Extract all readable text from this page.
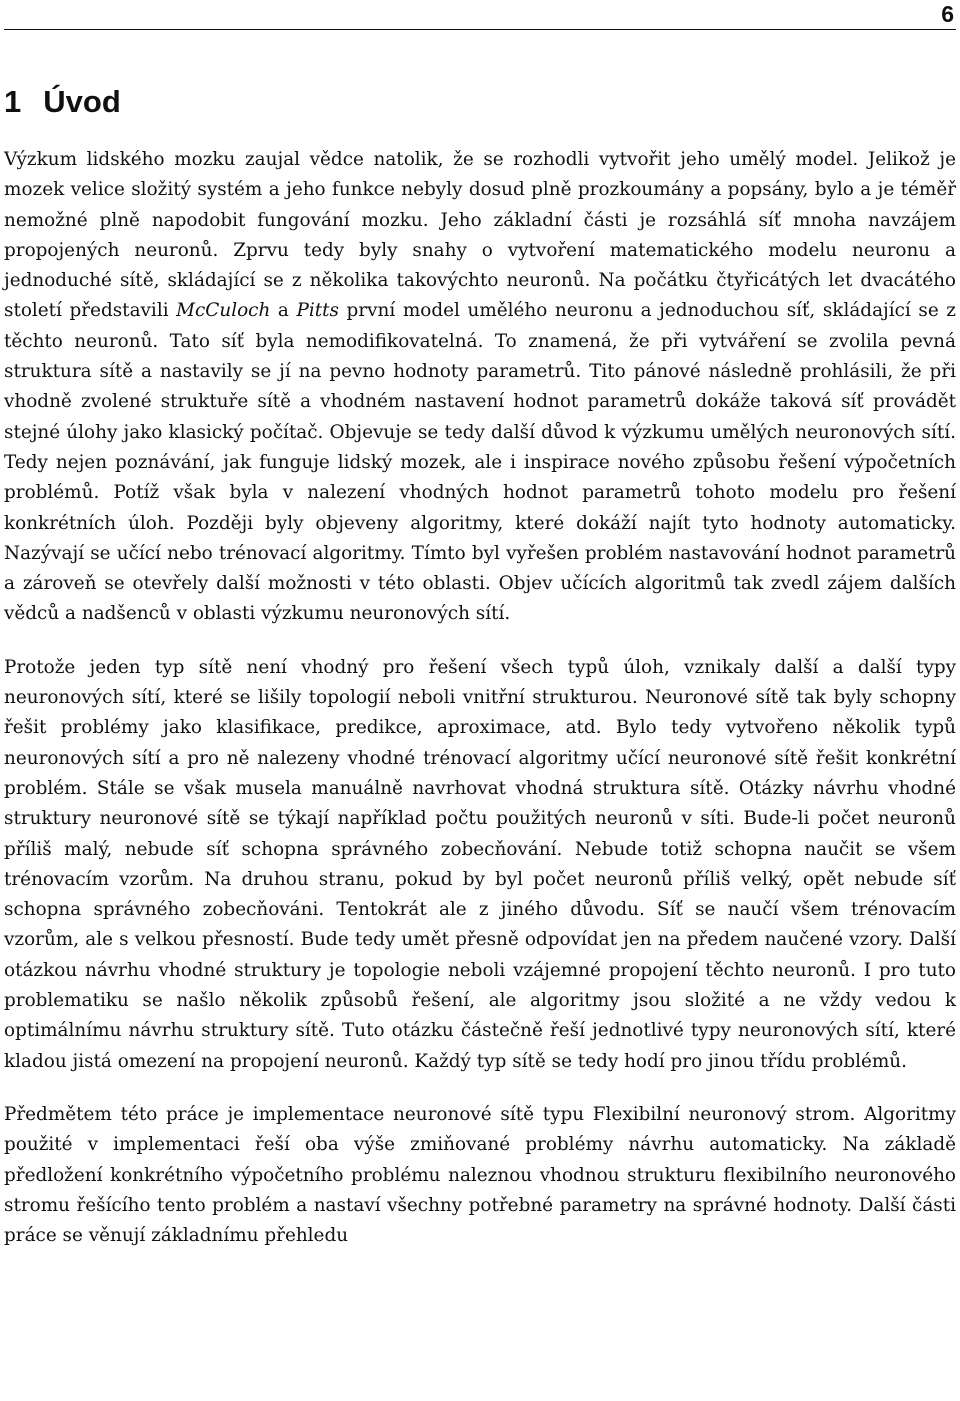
6
1 Úvod

Výzkum lidského mozku zaujal vědce natolik, že se rozhodli vytvořit jeho umělý model. Jelikož je mozek velice složitý systém a jeho funkce nebyly dosud plně prozkoumány a popsány, bylo a je téměř nemožné plně napodobit fungování mozku. Jeho základní části je rozsáhlá síť mnoha navzájem propojených neuronů. Zprvu tedy byly snahy o vytvoření matematického modelu neuronu a jednoduché sítě, skládající se z několika takovýchto neuronů. Na počátku čtyřicátých let dvacátého století představili McCuloch a Pitts první model umělého neuronu a jednoduchou síť, skládající se z těchto neuronů. Tato síť byla nemodifikovatelná. To znamená, že při vytváření se zvolila pevná struktura sítě a nastavily se jí na pevno hodnoty parametrů. Tito pánové následně prohlásili, že při vhodně zvolené struktuře sítě a vhodném nastavení hodnot parametrů dokáže taková síť provádět stejné úlohy jako klasický počítač. Objevuje se tedy další důvod k výzkumu umělých neuronových sítí. Tedy nejen poznávání, jak funguje lidský mozek, ale i inspirace nového způsobu řešení výpočetních problémů. Potíž však byla v nalezení vhodných hodnot parametrů tohoto modelu pro řešení konkrétních úloh. Později byly objeveny algoritmy, které dokáží najít tyto hodnoty automaticky. Nazývají se učící nebo trénovací algoritmy. Tímto byl vyřešen problém nastavování hodnot parametrů a zároveň se otevřely další možnosti v této oblasti. Objev učících algoritmů tak zvedl zájem dalších vědců a nadšenců v oblasti výzkumu neuronových sítí.

Protože jeden typ sítě není vhodný pro řešení všech typů úloh, vznikaly další a další typy neuronových sítí, které se lišily topologií neboli vnitřní strukturou. Neuronové sítě tak byly schopny řešit problémy jako klasifikace, predikce, aproximace, atd. Bylo tedy vytvořeno několik typů neuronových sítí a pro ně nalezeny vhodné trénovací algoritmy učící neuronové sítě řešit konkrétní problém. Stále se však musela manuálně navrhovat vhodná struktura sítě. Otázky návrhu vhodné struktury neuronové sítě se týkají například počtu použitých neuronů v síti. Bude-li počet neuronů příliš malý, nebude síť schopna správného zobecňování. Nebude totiž schopna naučit se všem trénovacím vzorům. Na druhou stranu, pokud by byl počet neuronů příliš velký, opět nebude síť schopna správného zobecňováni. Tentokrát ale z jiného důvodu. Síť se naučí všem trénovacím vzorům, ale s velkou přesností. Bude tedy umět přesně odpovídat jen na předem naučené vzory. Další otázkou návrhu vhodné struktury je topologie neboli vzájemné propojení těchto neuronů. I pro tuto problematiku se našlo několik způsobů řešení, ale algoritmy jsou složité a ne vždy vedou k optimálnímu návrhu struktury sítě. Tuto otázku částečně řeší jednotlivé typy neuronových sítí, které kladou jistá omezení na propojení neuronů. Každý typ sítě se tedy hodí pro jinou třídu problémů.

Předmětem této práce je implementace neuronové sítě typu Flexibilní neuronový strom. Algoritmy použité v implementaci řeší oba výše zmiňované problémy návrhu automaticky. Na základě předložení konkrétního výpočetního problému naleznou vhodnou strukturu flexibilního neuronového stromu řešícího tento problém a nastaví všechny potřebné parametry na správné hodnoty. Další části práce se věnují základnímu přehledu
